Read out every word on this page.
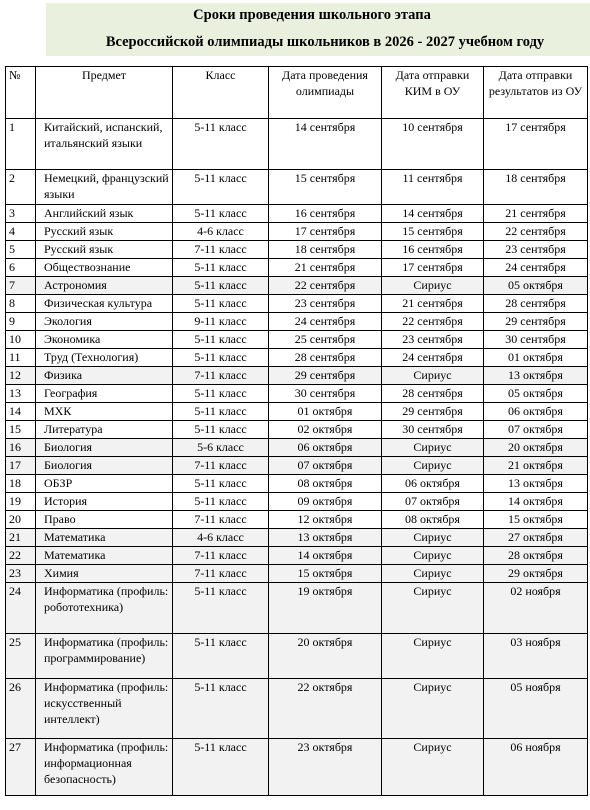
Сроки проведения школьного этапа
Всероссийской олимпиады школьников в 2026 - 2027 учебном году
№	Предмет	Класс	Дата проведения олимпиады	Дата отправки КИМ в ОУ	Дата отправки результатов из ОУ
1	Китайский, испанский, итальянский языки	5-11 класс	14 сентября	10 сентября	17 сентября
2	Немецкий, французский языки	5-11 класс	15 сентября	11 сентября	18 сентября
3	Английский язык	5-11 класс	16 сентября	14 сентября	21 сентября
4	Русский язык	4-6 класс	17 сентября	15 сентября	22 сентября
5	Русский язык	7-11 класс	18 сентября	16 сентября	23 сентября
6	Обществознание	5-11 класс	21 сентября	17 сентября	24 сентября
7	Астрономия	5-11 класс	22 сентября	Сириус	05 октября
8	Физическая культура	5-11 класс	23 сентября	21 сентября	28 сентября
9	Экология	9-11 класс	24 сентября	22 сентября	29 сентября
10	Экономика	5-11 класс	25 сентября	23 сентября	30 сентября
11	Труд (Технология)	5-11 класс	28 сентября	24 сентября	01 октября
12	Физика	7-11 класс	29 сентября	Сириус	13 октября
13	География	5-11 класс	30 сентября	28 сентября	05 октября
14	МХК	5-11 класс	01 октября	29 сентября	06 октября
15	Литература	5-11 класс	02 октября	30 сентября	07 октября
16	Биология	5-6 класс	06 октября	Сириус	20 октября
17	Биология	7-11 класс	07 октября	Сириус	21 октября
18	ОБЗР	5-11 класс	08 октября	06 октября	13 октября
19	История	5-11 класс	09 октября	07 октября	14 октября
20	Право	7-11 класс	12 октября	08 октября	15 октября
21	Математика	4-6 класс	13 октября	Сириус	27 октября
22	Математика	7-11 класс	14 октября	Сириус	28 октября
23	Химия	7-11 класс	15 октября	Сириус	29 октября
24	Информатика (профиль: робототехника)	5-11 класс	19 октября	Сириус	02 ноября
25	Информатика (профиль: программирование)	5-11 класс	20 октября	Сириус	03 ноября
26	Информатика (профиль: искусственный интеллект)	5-11 класс	22 октября	Сириус	05 ноября
27	Информатика (профиль: информационная безопасность)	5-11 класс	23 октября	Сириус	06 ноября
